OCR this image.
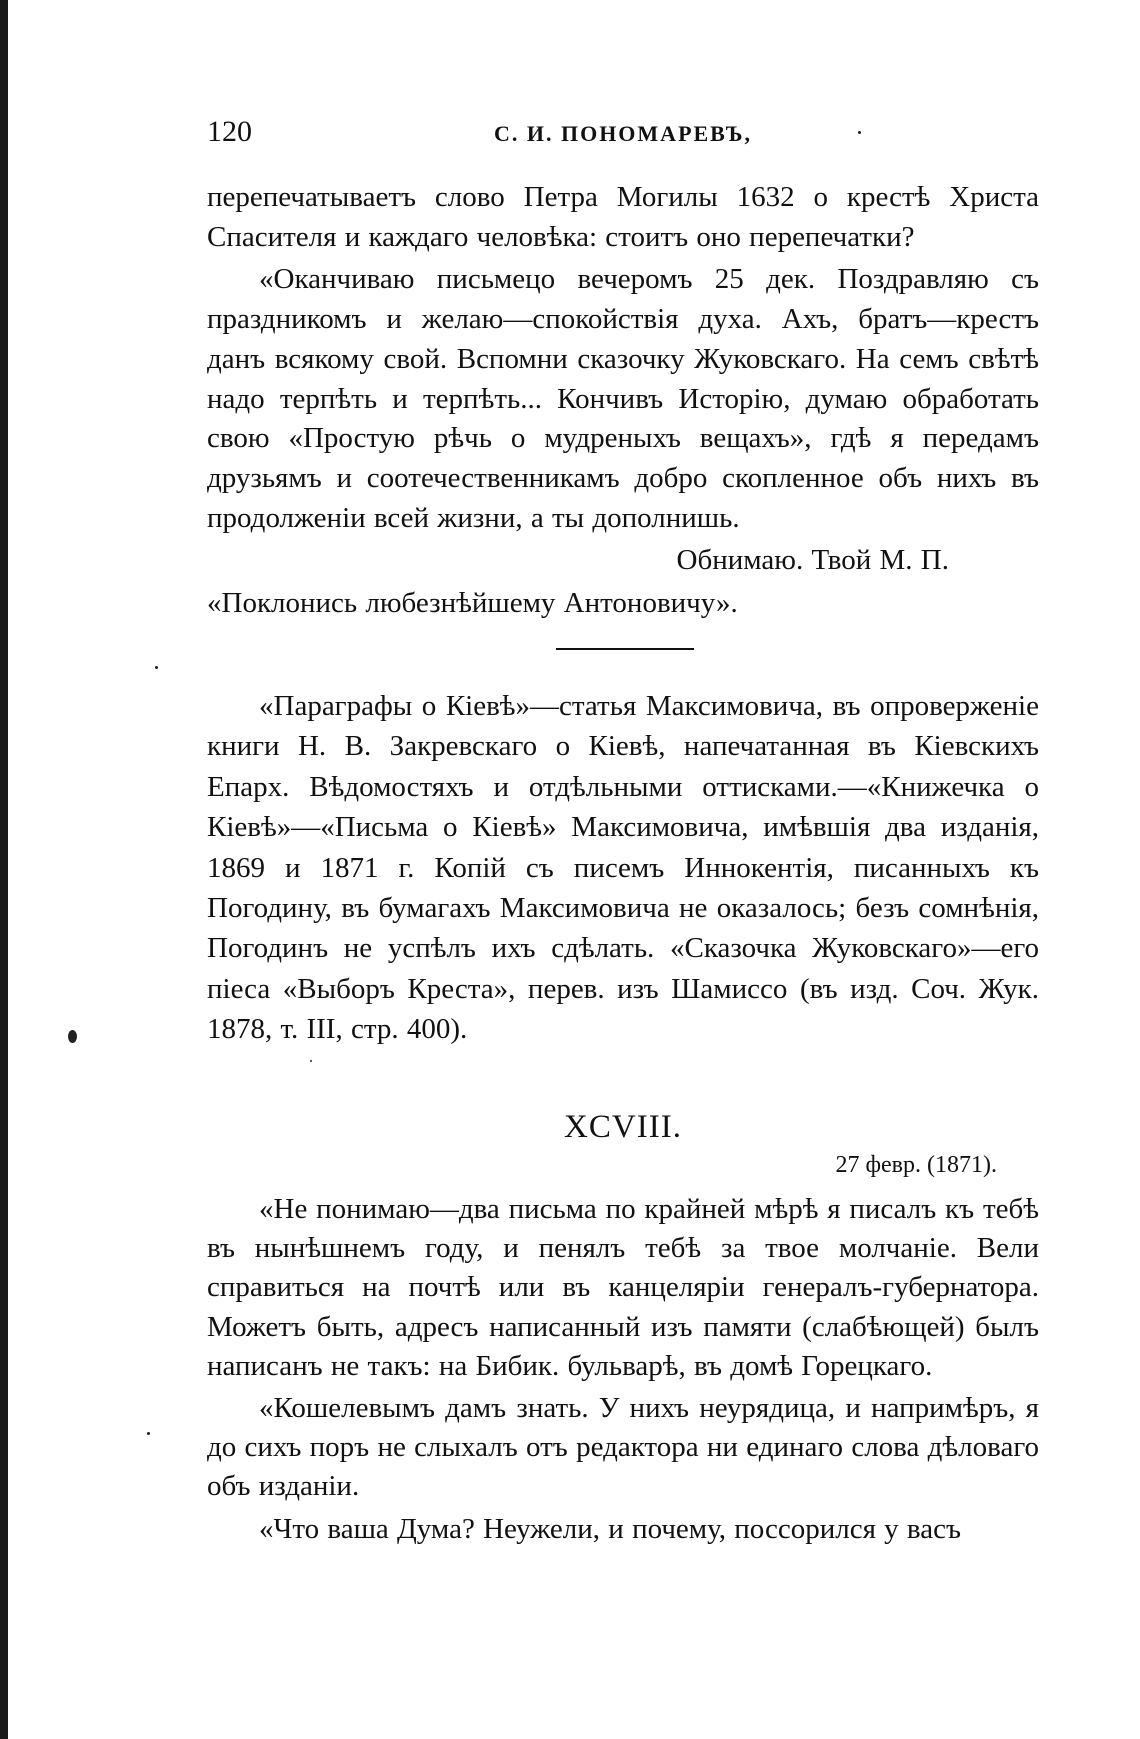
120	С. И. ПОНОМАРЕВЪ,

перепечатываетъ слово Петра Могилы 1632 о крестѣ Христа Спасителя и каждаго человѣка: стоитъ оно перепечатки?

«Оканчиваю письмецо вечеромъ 25 дек. Поздравляю съ праздникомъ и желаю—спокойствія духа. Ахъ, братъ—крестъ данъ всякому свой. Вспомни сказочку Жуковскаго. На семъ свѣтѣ надо терпѣть и терпѣть... Кончивъ Исторію, думаю обработать свою «Простую рѣчь о мудреныхъ вещахъ», гдѣ я передамъ друзьямъ и соотечественникамъ добро скопленное объ нихъ въ продолженіи всей жизни, а ты дополнишь.

Обнимаю. Твой М. П.

«Поклонись любезнѣйшему Антоновичу».

«Параграфы о Кіевѣ»—статья Максимовича, въ опроверженіе книги Н. В. Закревскаго о Кіевѣ, напечатанная въ Кіевскихъ Епарх. Вѣдомостяхъ и отдѣльными оттисками.—«Книжечка о Кіевѣ»—«Письма о Кіевѣ» Максимовича, имѣвшія два изданія, 1869 и 1871 г. Копій съ писемъ Иннокентія, писанныхъ къ Погодину, въ бумагахъ Максимовича не оказалось; безъ сомнѣнія, Погодинъ не успѣлъ ихъ сдѣлать. «Сказочка Жуковскаго»—его піеса «Выборъ Креста», перев. изъ Шамиссо (въ изд. Соч. Жук. 1878, т. III, стр. 400).

XCVIII.
27 февр. (1871).

«Не понимаю—два письма по крайней мѣрѣ я писалъ къ тебѣ въ нынѣшнемъ году, и пенялъ тебѣ за твое молчаніе. Вели справиться на почтѣ или въ канцеляріи генералъ-губернатора. Можетъ быть, адресъ написанный изъ памяти (слабѣющей) былъ написанъ не такъ: на Бибик. бульварѣ, въ домѣ Горецкаго.

«Кошелевымъ дамъ знать. У нихъ неурядица, и напримѣръ, я до сихъ поръ не слыхалъ отъ редактора ни единаго слова дѣловаго объ изданіи.

«Что ваша Дума? Неужели, и почему, поссорился у васъ
